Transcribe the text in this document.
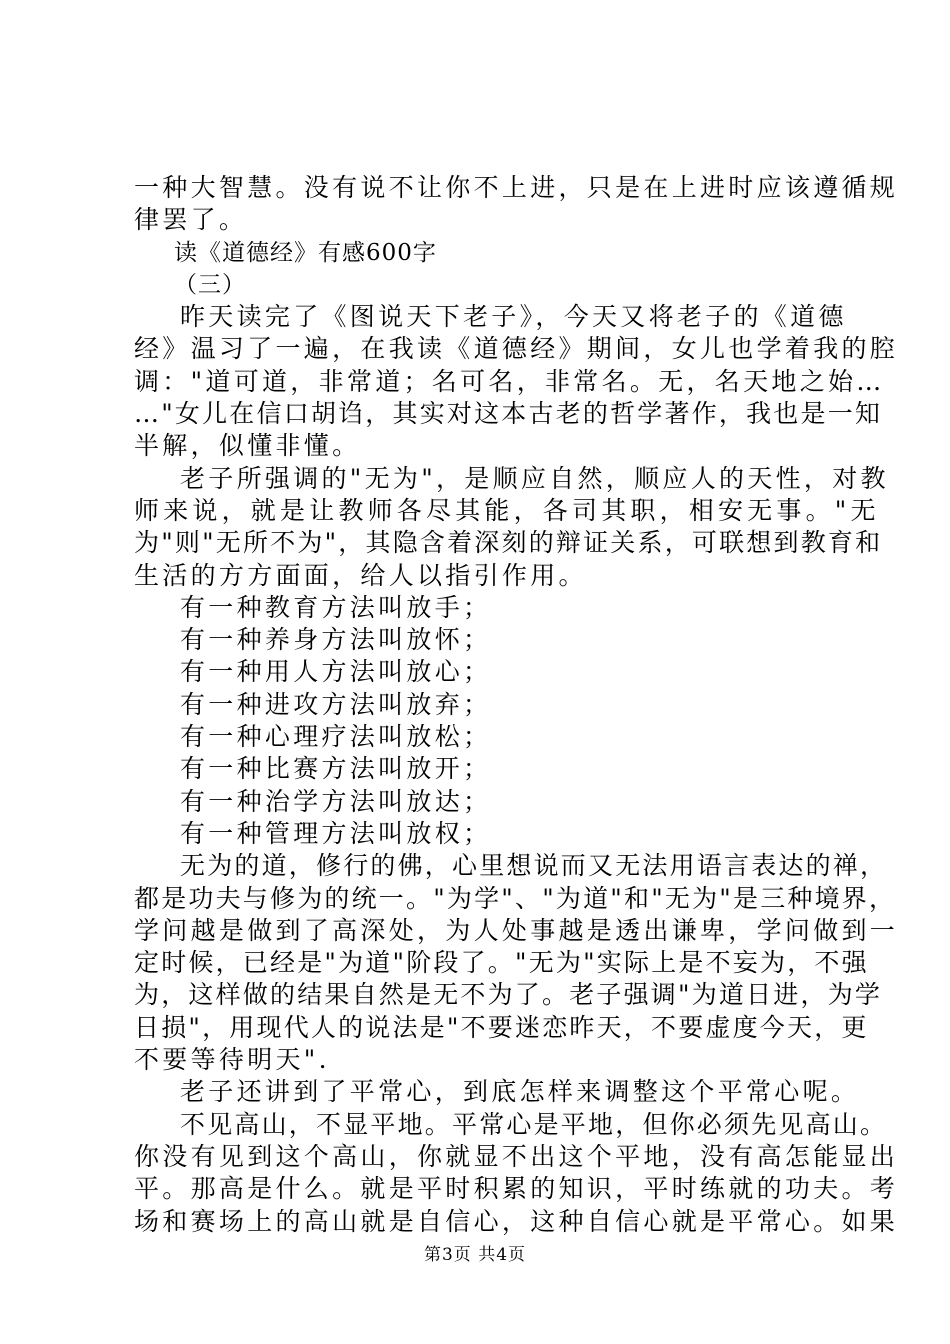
一种大智慧。没有说不让你不上进，只是在上进时应该遵循规
律罢了。
读《道德经》有感600字
（三）
昨天读完了《图说天下老子》，今天又将老子的《道德
经》温习了一遍，在我读《道德经》期间，女儿也学着我的腔
调："道可道，非常道；名可名，非常名。无，名天地之始…
…"女儿在信口胡诌，其实对这本古老的哲学著作，我也是一知
半解，似懂非懂。
老子所强调的"无为"，是顺应自然，顺应人的天性，对教
师来说，就是让教师各尽其能，各司其职，相安无事。"无
为"则"无所不为"，其隐含着深刻的辩证关系，可联想到教育和
生活的方方面面，给人以指引作用。
有一种教育方法叫放手；
有一种养身方法叫放怀；
有一种用人方法叫放心；
有一种进攻方法叫放弃；
有一种心理疗法叫放松；
有一种比赛方法叫放开；
有一种治学方法叫放达；
有一种管理方法叫放权；
无为的道，修行的佛，心里想说而又无法用语言表达的禅，
都是功夫与修为的统一。"为学"、"为道"和"无为"是三种境界，
学问越是做到了高深处，为人处事越是透出谦卑，学问做到一
定时候，已经是"为道"阶段了。"无为"实际上是不妄为，不强
为，这样做的结果自然是无不为了。老子强调"为道日进，为学
日损"，用现代人的说法是"不要迷恋昨天，不要虚度今天，更
不要等待明天".
老子还讲到了平常心，到底怎样来调整这个平常心呢。
不见高山，不显平地。平常心是平地，但你必须先见高山。
你没有见到这个高山，你就显不出这个平地，没有高怎能显出
平。那高是什么。就是平时积累的知识，平时练就的功夫。考
场和赛场上的高山就是自信心，这种自信心就是平常心。如果
第3页 共4页
